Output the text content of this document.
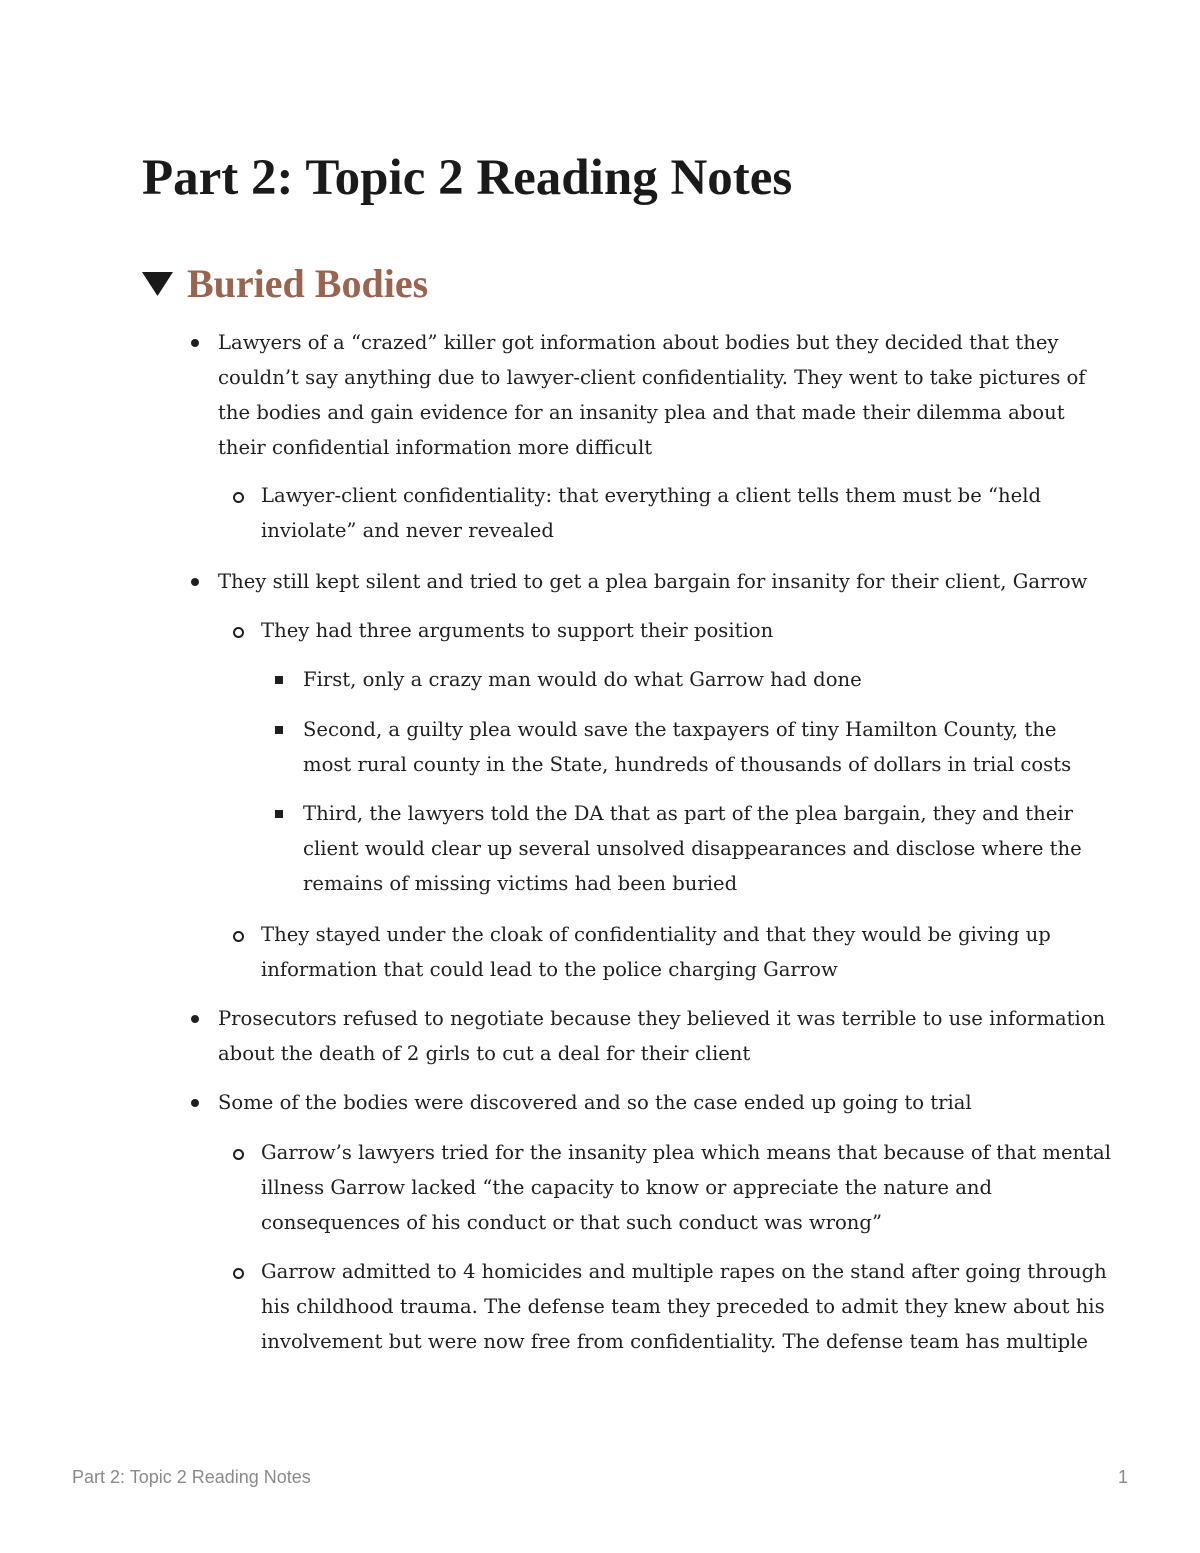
Part 2: Topic 2 Reading Notes
Buried Bodies
Lawyers of a “crazed” killer got information about bodies but they decided that they
couldn’t say anything due to lawyer-client confidentiality. They went to take pictures of
the bodies and gain evidence for an insanity plea and that made their dilemma about
their confidential information more difficult
Lawyer-client confidentiality: that everything a client tells them must be “held
inviolate” and never revealed
They still kept silent and tried to get a plea bargain for insanity for their client, Garrow
They had three arguments to support their position
First, only a crazy man would do what Garrow had done
Second, a guilty plea would save the taxpayers of tiny Hamilton County, the
most rural county in the State, hundreds of thousands of dollars in trial costs
Third, the lawyers told the DA that as part of the plea bargain, they and their
client would clear up several unsolved disappearances and disclose where the
remains of missing victims had been buried
They stayed under the cloak of confidentiality and that they would be giving up
information that could lead to the police charging Garrow
Prosecutors refused to negotiate because they believed it was terrible to use information
about the death of 2 girls to cut a deal for their client
Some of the bodies were discovered and so the case ended up going to trial
Garrow’s lawyers tried for the insanity plea which means that because of that mental
illness Garrow lacked “the capacity to know or appreciate the nature and
consequences of his conduct or that such conduct was wrong”
Garrow admitted to 4 homicides and multiple rapes on the stand after going through
his childhood trauma. The defense team they preceded to admit they knew about his
involvement but were now free from confidentiality. The defense team has multiple
Part 2: Topic 2 Reading Notes	1
